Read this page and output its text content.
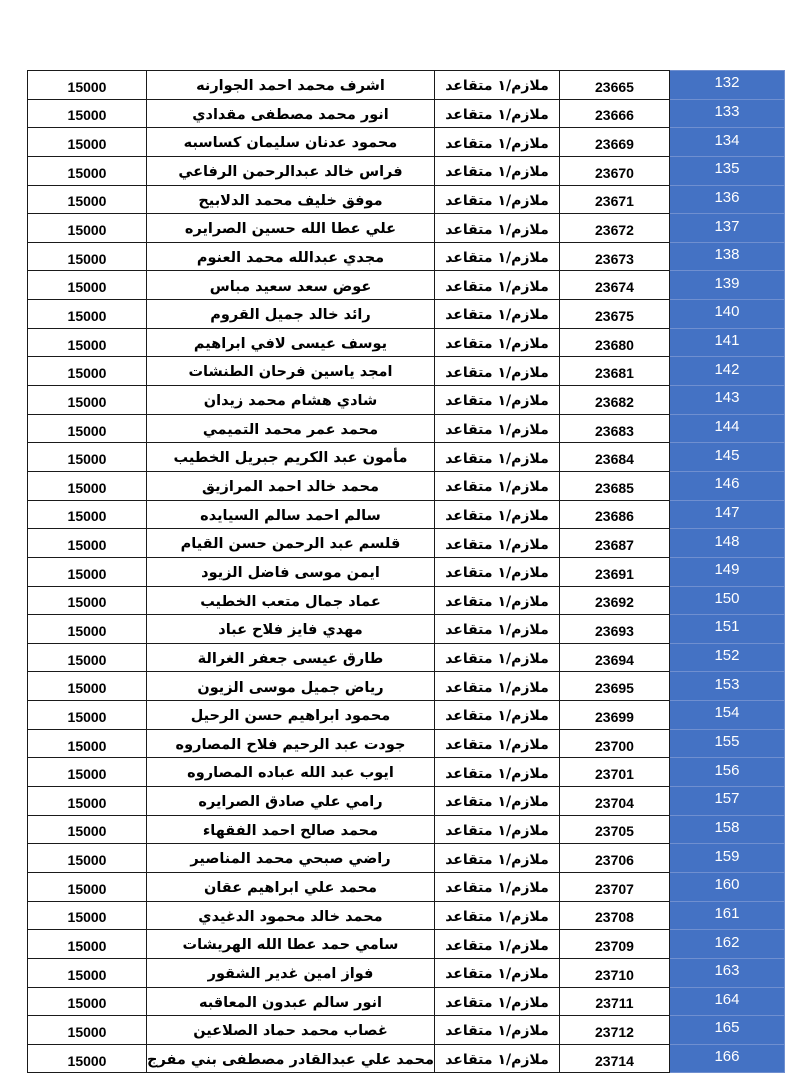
15000	اشرف محمد احمد الجوارنه	ملازم/١ متقاعد	23665	132
15000	انور محمد مصطفى مقدادي	ملازم/١ متقاعد	23666	133
15000	محمود عدنان سليمان كساسبه	ملازم/١ متقاعد	23669	134
15000	فراس خالد عبدالرحمن الرفاعي	ملازم/١ متقاعد	23670	135
15000	موفق خليف محمد الدلابيح	ملازم/١ متقاعد	23671	136
15000	علي عطا الله حسين الصرايره	ملازم/١ متقاعد	23672	137
15000	مجدي عبدالله محمد العنوم	ملازم/١ متقاعد	23673	138
15000	عوض سعد سعيد مباس	ملازم/١ متقاعد	23674	139
15000	رائد خالد جميل القروم	ملازم/١ متقاعد	23675	140
15000	يوسف عيسى لافي ابراهيم	ملازم/١ متقاعد	23680	141
15000	امجد ياسين فرحان الطنشات	ملازم/١ متقاعد	23681	142
15000	شادي هشام محمد زيدان	ملازم/١ متقاعد	23682	143
15000	محمد عمر محمد التميمي	ملازم/١ متقاعد	23683	144
15000	مأمون عبد الكريم جبريل الخطيب	ملازم/١ متقاعد	23684	145
15000	محمد خالد احمد المرازيق	ملازم/١ متقاعد	23685	146
15000	سالم احمد سالم السيايده	ملازم/١ متقاعد	23686	147
15000	قلسم عبد الرحمن حسن القيام	ملازم/١ متقاعد	23687	148
15000	ايمن موسى فاضل الزيود	ملازم/١ متقاعد	23691	149
15000	عماد جمال متعب الخطيب	ملازم/١ متقاعد	23692	150
15000	مهدي فايز فلاح عباد	ملازم/١ متقاعد	23693	151
15000	طارق عيسى جعفر الغرالة	ملازم/١ متقاعد	23694	152
15000	رياض جميل موسى الزيون	ملازم/١ متقاعد	23695	153
15000	محمود ابراهيم حسن الرحيل	ملازم/١ متقاعد	23699	154
15000	جودت عبد الرحيم فلاح المصاروه	ملازم/١ متقاعد	23700	155
15000	ايوب عبد الله عباده المصاروه	ملازم/١ متقاعد	23701	156
15000	رامي علي صادق الصرايره	ملازم/١ متقاعد	23704	157
15000	محمد صالح احمد الفقهاء	ملازم/١ متقاعد	23705	158
15000	راضي صبحي محمد المناصير	ملازم/١ متقاعد	23706	159
15000	محمد علي ابراهيم عقان	ملازم/١ متقاعد	23707	160
15000	محمد خالد محمود الدغيدي	ملازم/١ متقاعد	23708	161
15000	سامي حمد عطا الله الهريشات	ملازم/١ متقاعد	23709	162
15000	فواز امين غدير الشقور	ملازم/١ متقاعد	23710	163
15000	انور سالم عبدون المعاقبه	ملازم/١ متقاعد	23711	164
15000	غصاب محمد حماد الصلاعين	ملازم/١ متقاعد	23712	165
15000	محمد علي عبدالقادر مصطفى بني مفرج	ملازم/١ متقاعد	23714	166
